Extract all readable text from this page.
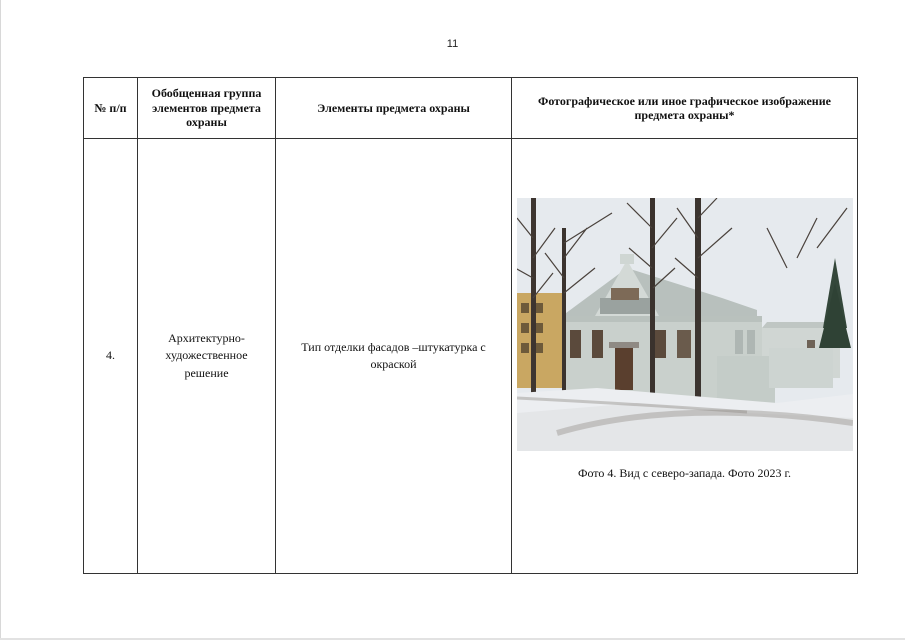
11
№ п/п	Обобщенная группа элементов предмета охраны	Элементы предмета охраны	Фотографическое или иное графическое изображение предмета охраны*
4.	Архитектурно-художественное решение	Тип отделки фасадов –штукатурка с окраской	Фото 4. Вид с северо-запада. Фото 2023 г.
